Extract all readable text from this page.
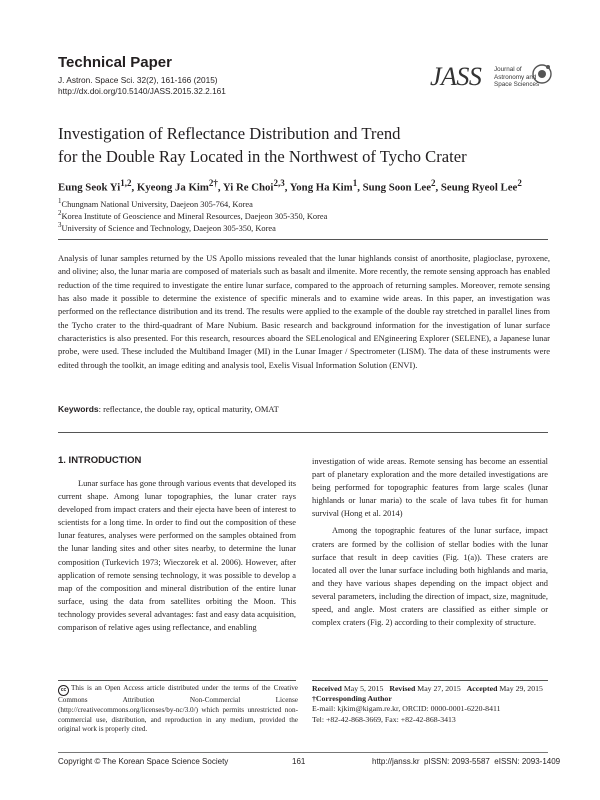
Technical Paper
J. Astron. Space Sci. 32(2), 161-166 (2015)
http://dx.doi.org/10.5140/JASS.2015.32.2.161	JASS Journal of
Astronomy and
Space Sciences
Investigation of Reflectance Distribution and Trend
for the Double Ray Located in the Northwest of Tycho Crater
Eung Seok Yi$^{1,2}$, Kyeong Ja Kim$^{2\dagger}$, Yi Re Choi$^{2,3}$, Yong Ha Kim$^1$, Sung Soon Lee$^2$, Seung Ryeol Lee$^2$
$^1$Chungnam National University, Daejeon 305-764, Korea
$^2$Korea Institute of Geoscience and Mineral Resources, Daejeon 305-350, Korea
$^3$University of Science and Technology, Daejeon 305-350, Korea
Analysis of lunar samples returned by the US Apollo missions revealed that the lunar highlands consist of anorthosite, plagioclase, pyroxene, and olivine; also, the lunar maria are composed of materials such as basalt and ilmenite. More recently, the remote sensing approach has enabled reduction of the time required to investigate the entire lunar surface, compared to the approach of returning samples. Moreover, remote sensing has also made it possible to determine the existence of specific minerals and to examine wide areas. In this paper, an investigation was performed on the reflectance distribution and its trend. The results were applied to the example of the double ray stretched in parallel lines from the Tycho crater to the third-quadrant of Mare Nubium. Basic research and background information for the investigation of lunar surface characteristics is also presented. For this research, resources aboard the SELenological and ENgineering Explorer (SELENE), a Japanese lunar probe, were used. These included the Multiband Imager (MI) in the Lunar Imager / Spectrometer (LISM). The data of these instruments were edited through the toolkit, an image editing and analysis tool, Exelis Visual Information Solution (ENVI).
Keywords: reflectance, the double ray, optical maturity, OMAT
1. INTRODUCTION

Lunar surface has gone through various events that developed its current shape. Among lunar topographies, the lunar crater rays developed from impact craters and their ejecta have been of interest to scientists for a long time. In order to find out the composition of these lunar features, analyses were performed on the samples obtained from the lunar landing sites and other sites nearby, to determine the lunar composition (Turkevich 1973; Wieczorek et al. 2006). However, after application of remote sensing technology, it was possible to develop a map of the composition and mineral distribution of the entire lunar surface, using the data from satellites orbiting the Moon. This technology provides several advantages: fast and easy data acquisition, comparison of relative ages using reflectance, and enabling

investigation of wide areas. Remote sensing has become an essential part of planetary exploration and the more detailed investigations are being performed for topographic features from large scales (lunar highlands or lunar maria) to the scale of lava tubes fit for human survival (Hong et al. 2014)

Among the topographic features of the lunar surface, impact craters are formed by the collision of stellar bodies with the lunar surface that result in deep cavities (Fig. 1(a)). These craters are located all over the lunar surface including both highlands and maria, and they have various shapes depending on the impact object and several parameters, including the direction of impact, size, magnitude, speed, and angle. Most craters are classified as either simple or complex craters (Fig. 2) according to their complexity of structure.

cc This is an Open Access article distributed under the terms of the Creative Commons Attribution Non-Commercial License (http://creativecommons.org/licenses/by-nc/3.0/) which permits unrestricted non-commercial use, distribution, and reproduction in any medium, provided the original work is properly cited.
Received May 5, 2015 Revised May 27, 2015 Accepted May 29, 2015
†Corresponding Author
E-mail: kjkim@kigam.re.kr, ORCID: 0000-0001-6220-8411
Tel: +82-42-868-3669, Fax: +82-42-868-3413
Copyright © The Korean Space Science Society	161	http://janss.kr  pISSN: 2093-5587  eISSN: 2093-1409
